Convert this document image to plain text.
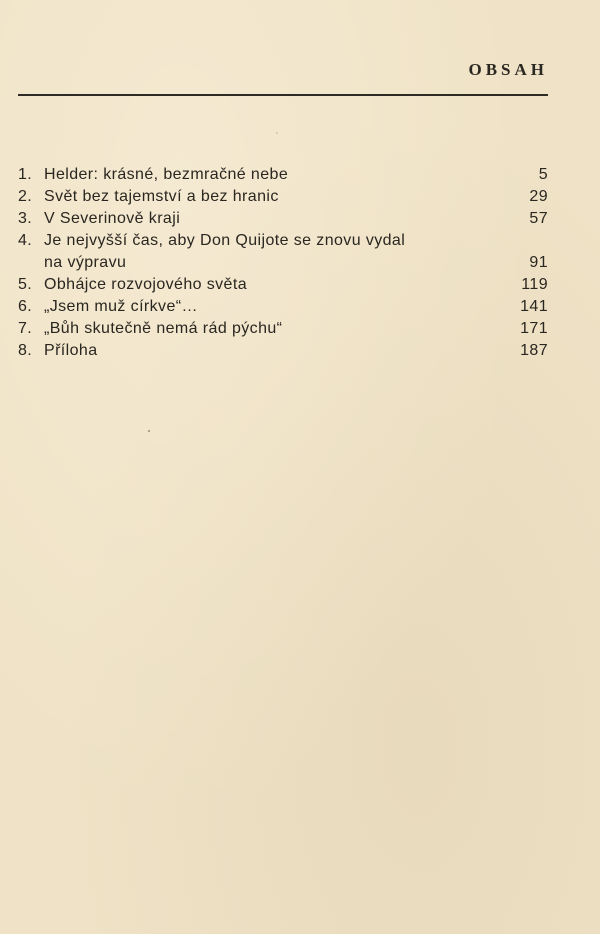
OBSAH
1. Helder: krásné, bezmračné nebe	5
2. Svět bez tajemství a bez hranic	29
3. V Severinově kraji	57
4. Je nejvyšší čas, aby Don Quijote se znovu vydal
na výpravu	91
5. Obhájce rozvojového světa	119
6. „Jsem muž církve“…	141
7. „Bůh skutečně nemá rád pýchu“	171
8. Příloha	187
